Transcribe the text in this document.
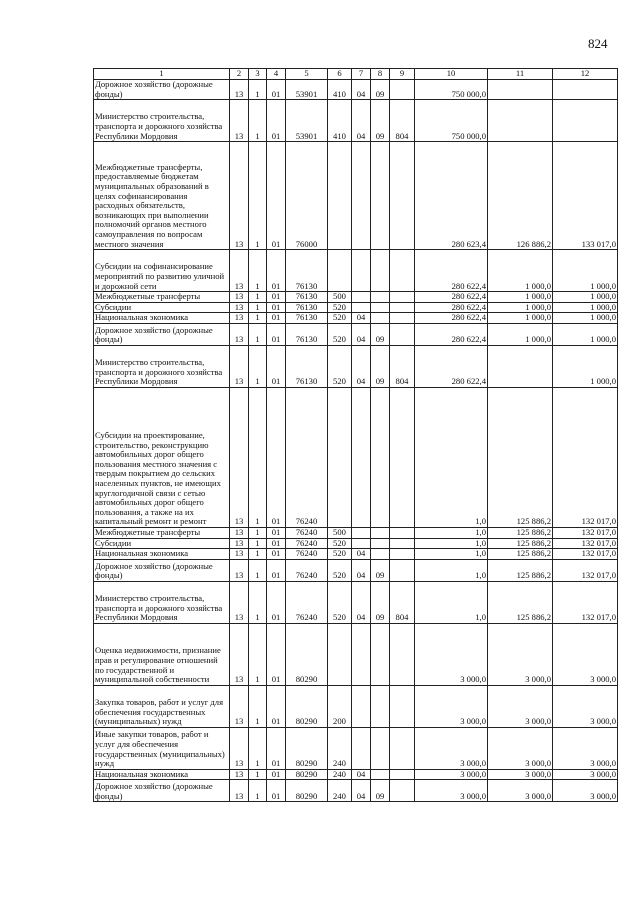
824
1	2	3	4	5	6	7	8	9	10	11	12
Дорожное хозяйство (дорожные фонды)	13	1	01	53901	410	04	09		750 000,0		
Министерство строительства, транспорта и дорожного хозяйства Республики Мордовия	13	1	01	53901	410	04	09	804	750 000,0		
Межбюджетные трансферты, предоставляемые бюджетам муниципальных образований в целях софинансирования расходных обязательств, возникающих при выполнении полномочий органов местного самоуправления по вопросам местного значения	13	1	01	76000					280 623,4	126 886,2	133 017,0
Субсидии на софинансирование мероприятий по развитию уличной и дорожной сети	13	1	01	76130					280 622,4	1 000,0	1 000,0
Межбюджетные трансферты	13	1	01	76130	500				280 622,4	1 000,0	1 000,0
Субсидии	13	1	01	76130	520				280 622,4	1 000,0	1 000,0
Национальная экономика	13	1	01	76130	520	04			280 622,4	1 000,0	1 000,0
Дорожное хозяйство (дорожные фонды)	13	1	01	76130	520	04	09		280 622,4	1 000,0	1 000,0
Министерство строительства, транспорта и дорожного хозяйства Республики Мордовия	13	1	01	76130	520	04	09	804	280 622,4		1 000,0
Субсидии на проектирование, строительство, реконструкцию автомобильных дорог общего пользования местного значения с твердым покрытием до сельских населенных пунктов, не имеющих круглогодичной связи с сетью автомобильных дорог общего пользования, а также на их капитальный ремонт и ремонт	13	1	01	76240					1,0	125 886,2	132 017,0
Межбюджетные трансферты	13	1	01	76240	500				1,0	125 886,2	132 017,0
Субсидии	13	1	01	76240	520				1,0	125 886,2	132 017,0
Национальная экономика	13	1	01	76240	520	04			1,0	125 886,2	132 017,0
Дорожное хозяйство (дорожные фонды)	13	1	01	76240	520	04	09		1,0	125 886,2	132 017,0
Министерство строительства, транспорта и дорожного хозяйства Республики Мордовия	13	1	01	76240	520	04	09	804	1,0	125 886,2	132 017,0
Оценка недвижимости, признание прав и регулирование отношений по государственной и муниципальной собственности	13	1	01	80290					3 000,0	3 000,0	3 000,0
Закупка товаров, работ и услуг для обеспечения государственных (муниципальных) нужд	13	1	01	80290	200				3 000,0	3 000,0	3 000,0
Иные закупки товаров, работ и услуг для обеспечения государственных (муниципальных) нужд	13	1	01	80290	240				3 000,0	3 000,0	3 000,0
Национальная экономика	13	1	01	80290	240	04			3 000,0	3 000,0	3 000,0
Дорожное хозяйство (дорожные фонды)	13	1	01	80290	240	04	09		3 000,0	3 000,0	3 000,0
